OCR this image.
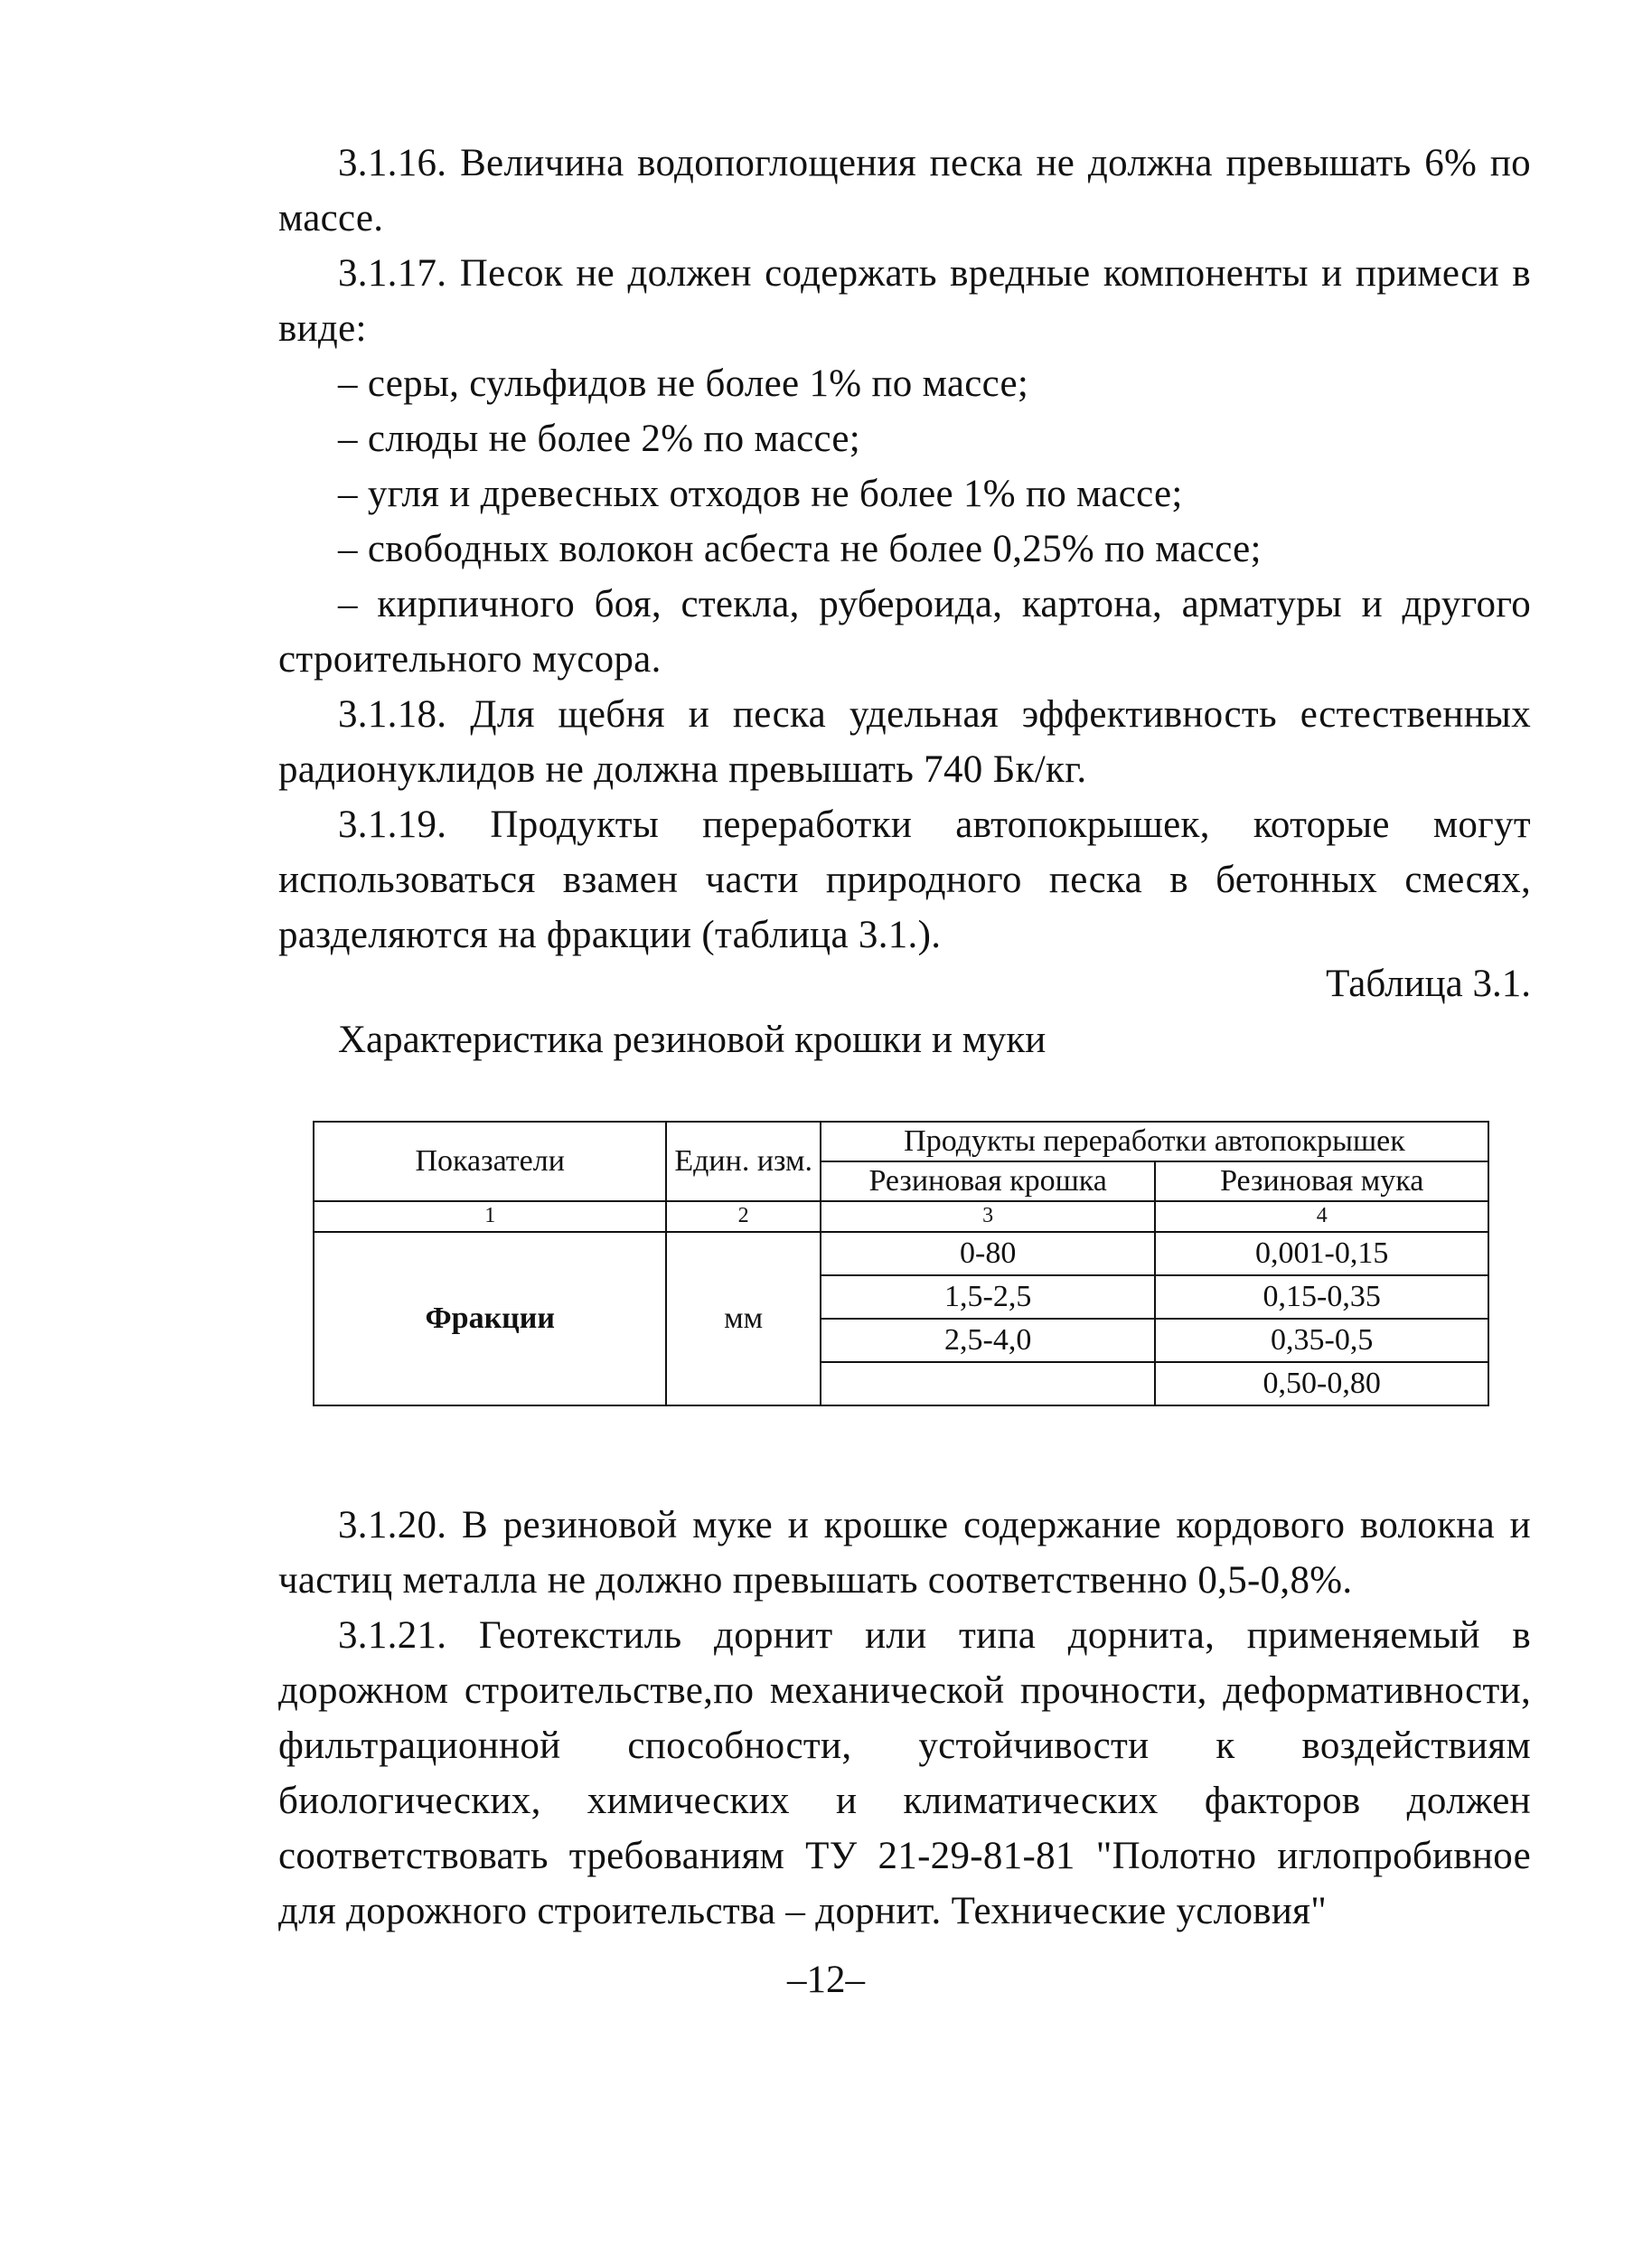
3.1.16. Величина водопоглощения песка не должна превышать 6% по массе.

3.1.17. Песок не должен содержать вредные компоненты и примеси в виде:

– серы, сульфидов не более 1% по массе;

– слюды не более 2% по массе;

– угля и древесных отходов не более 1% по массе;

– свободных волокон асбеста не более 0,25% по массе;

– кирпичного боя, стекла, рубероида, картона, арматуры и другого строительного мусора.

3.1.18. Для щебня и песка удельная эффективность естественных радионуклидов не должна превышать 740 Бк/кг.

3.1.19. Продукты переработки автопокрышек, которые могут использоваться взамен части природного песка в бетонных смесях, разделяются на фракции (таблица 3.1.).

Таблица 3.1.
Характеристика резиновой крошки и муки
Показатели	Един. изм.	Продукты переработки автопокрышек	
		Резиновая крошка	Резиновая мука
1	2	3	4
Фракции	мм	0-80	0,001-0,15
		1,5-2,5	0,15-0,35
		2,5-4,0	0,35-0,5
			0,50-0,80

3.1.20. В резиновой муке и крошке содержание кордового волокна и частиц металла не должно превышать соответственно 0,5-0,8%.

3.1.21. Геотекстиль дорнит или типа дорнита, применяемый в дорожном строительстве,по механической прочности, деформативности, фильтрационной способности, устойчивости к воздействиям биологических, химических и климатических факторов должен соответствовать требованиям ТУ 21-29-81-81 "Полотно иглопробивное для дорожного строительства – дорнит. Технические условия"

–12–
